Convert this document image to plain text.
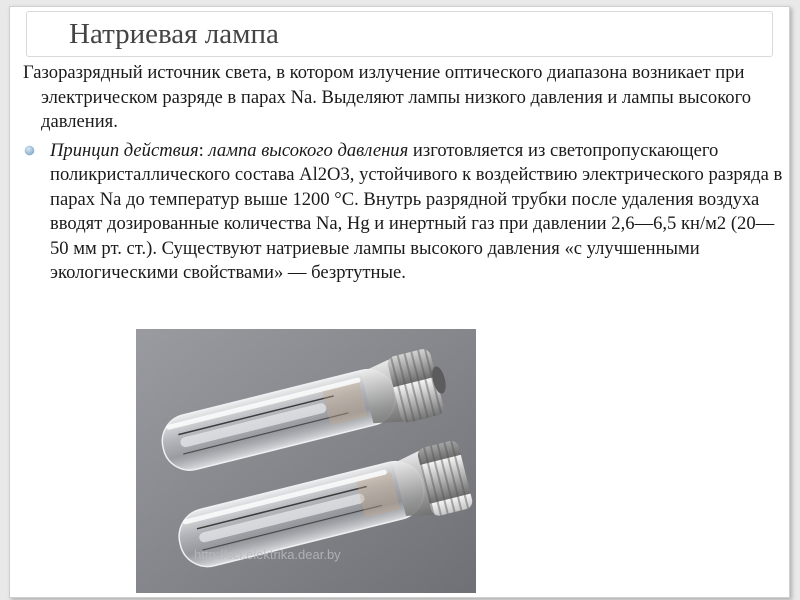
Натриевая лампа

Газоразрядный источник света, в котором излучение оптического диапазона возникает при электрическом разряде в парах Na. Выделяют лампы низкого давления и лампы высокого давления.

Принцип действия: лампа высокого давления изготовляется из светопропускающего поликристаллического состава Al2O3, устойчивого к воздействию электрического разряда в парах Na до температур выше 1200 °С. Внутрь разрядной трубки после удаления воздуха вводят дозированные количества Na, Hg и инертный газ при давлении 2,6—6,5 кн/м2 (20—50 мм рт. ст.). Существуют натриевые лампы высокого давления «с улучшенными экологическими свойствами» — безртутные.

http://sci.elektrika.dear.by
